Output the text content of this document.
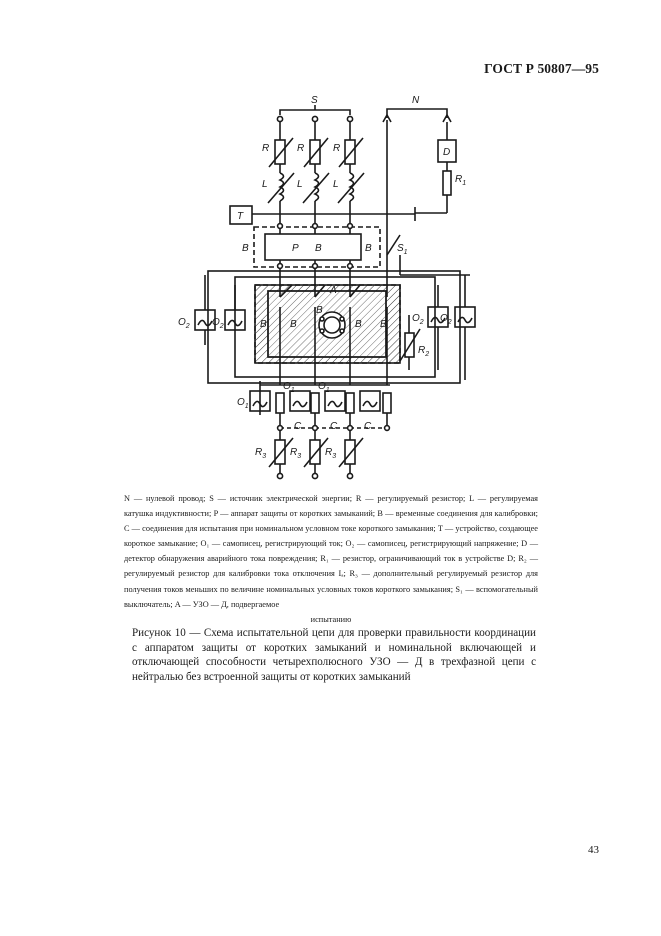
ГОСТ Р 50807—95
S	N
R	R	R
L	L	L
T
D
$R_1$
B	P B	B	$S_1$
A
B B
B
B B
$O_2$ $O_2$
$O_2$ $O_2$
$R_2$
$O_1$
$O_1$ $O_1$
C	C	C
$R_3$ $R_3$ $R_3$
N — нулевой провод; S — источник электрической энергии; R — регулируемый резистор; L — регулируемая катушка индуктивности; P — аппарат защиты от коротких замыканий; B — временные соединения для калибровки; C — соединения для испытания при номинальном условном токе короткого замыкания; T — устройство, создающее короткое замыкание; O₁ — самописец, регистрирующий ток; O₂ — самописец, регистрирующий напряжение; D — детектор обнаружения аварийного тока повреждения; R₁ — резистор, ограничивающий ток в устройстве D; R₂ — регулируемый резистор для калибровки тока отключения Iₐ; R₃ — дополнительный регулируемый резистор для получения токов меньших по величине номинальных условных токов короткого замыкания; S₁ — вспомогательный выключатель; A — УЗО — Д, подвергаемое
испытанию
Рисунок 10 — Схема испытательной цепи для проверки правильности координации с аппаратом защиты от коротких замыканий и номинальной включающей и отключающей способности четырехполюсного УЗО — Д в трехфазной цепи с нейтралью без встроенной защиты от коротких замыканий
43
